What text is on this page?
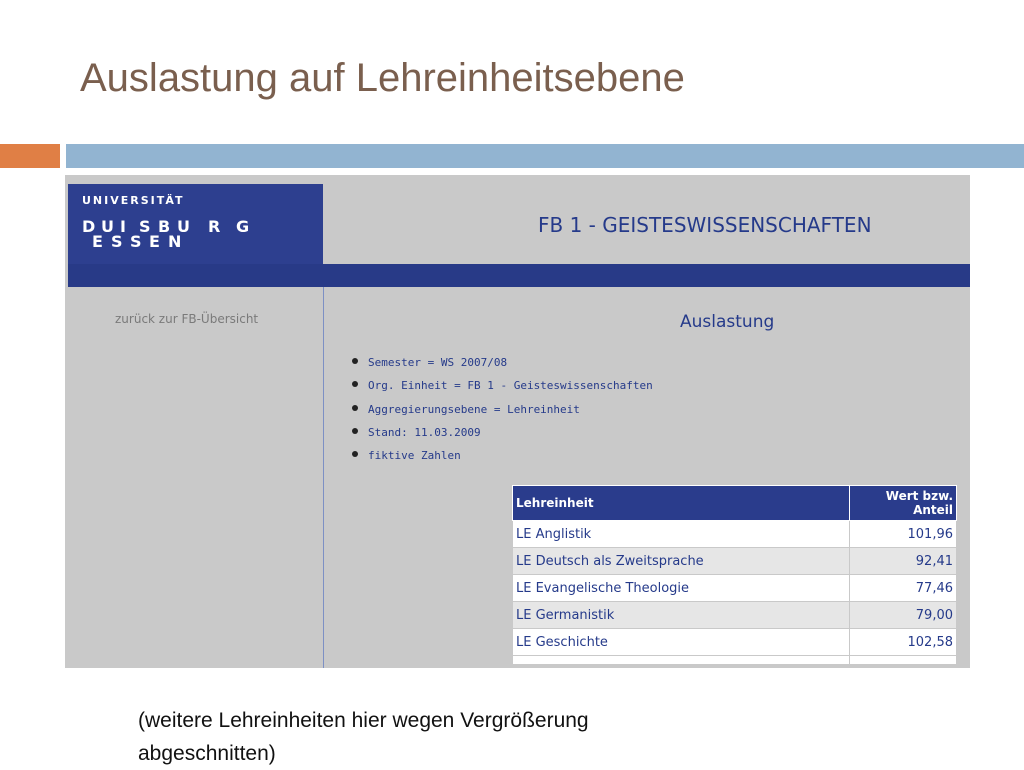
Auslastung auf Lehreinheitsebene
UNIVERSITÄT
D U I S B U R G
E S S E N
FB 1 - GEISTESWISSENSCHAFTEN
zurück zur FB-Übersicht	Auslastung
Semester = WS 2007/08
Org. Einheit = FB 1 - Geisteswissenschaften
Aggregierungsebene = Lehreinheit
Stand: 11.03.2009
fiktive Zahlen
Lehreinheit	Wert bzw.
Anteil
LE Anglistik	101,96
LE Deutsch als Zweitsprache	92,41
LE Evangelische Theologie	77,46
LE Germanistik	79,00
LE Geschichte	102,58

(weitere Lehreinheiten hier wegen Vergrößerung
abgeschnitten)
